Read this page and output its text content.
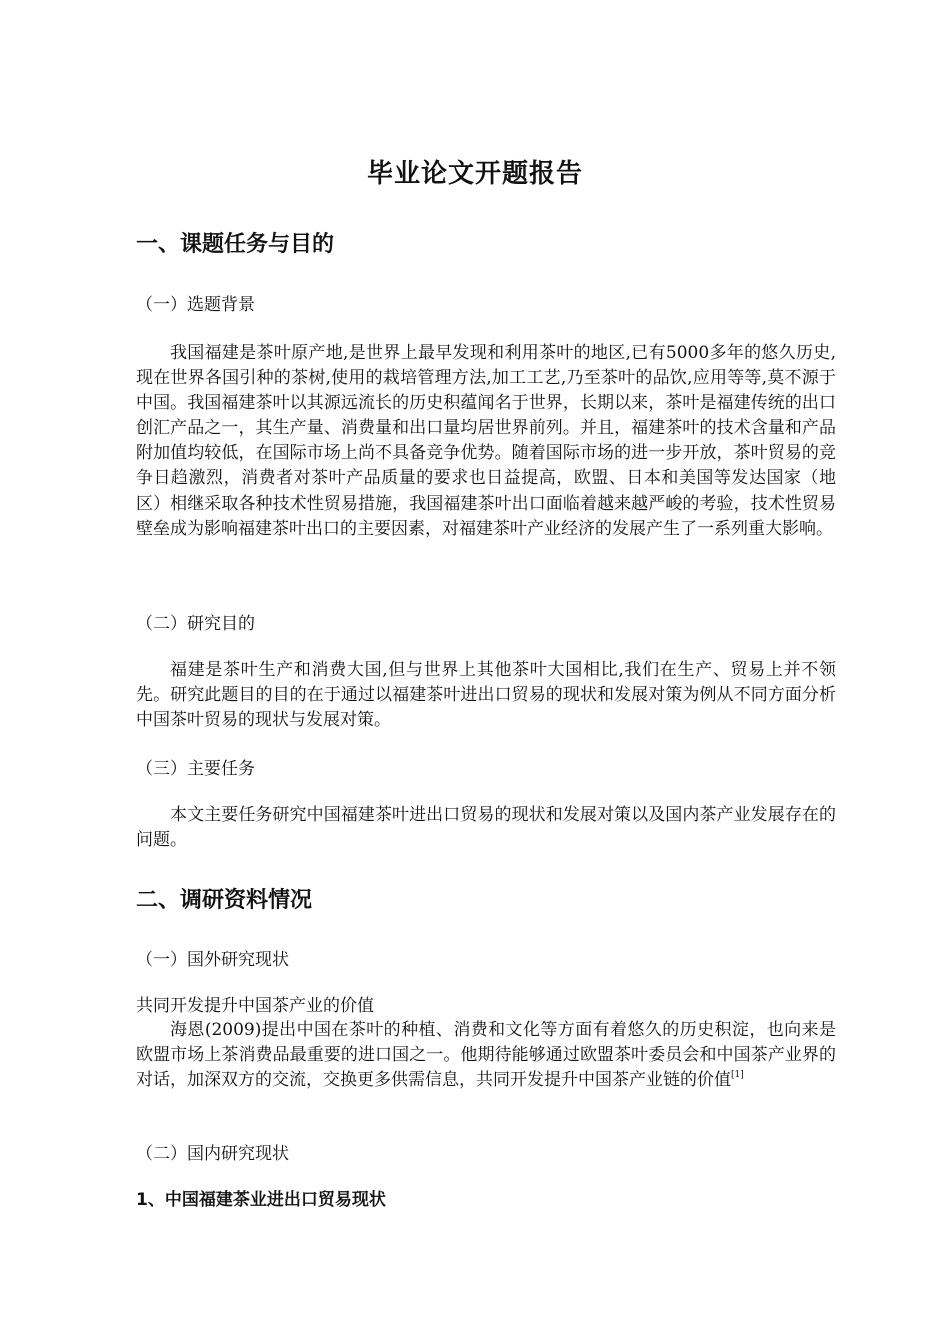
毕业论文开题报告
一、课题任务与目的
（一）选题背景

我国福建是茶叶原产地,是世界上最早发现和利用茶叶的地区,已有5000多年的悠久历史,现在世界各国引种的茶树,使用的栽培管理方法,加工工艺,乃至茶叶的品饮,应用等等,莫不源于中国。我国福建茶叶以其源远流长的历史积蕴闻名于世界，长期以来，茶叶是福建传统的出口创汇产品之一，其生产量、消费量和出口量均居世界前列。并且，福建茶叶的技术含量和产品附加值均较低，在国际市场上尚不具备竞争优势。随着国际市场的进一步开放，茶叶贸易的竞争日趋激烈，消费者对茶叶产品质量的要求也日益提高，欧盟、日本和美国等发达国家（地区）相继采取各种技术性贸易措施，我国福建茶叶出口面临着越来越严峻的考验，技术性贸易壁垒成为影响福建茶叶出口的主要因素，对福建茶叶产业经济的发展产生了一系列重大影响。

（二）研究目的

福建是茶叶生产和消费大国,但与世界上其他茶叶大国相比,我们在生产、贸易上并不领先。研究此题目的目的在于通过以福建茶叶进出口贸易的现状和发展对策为例从不同方面分析中国茶叶贸易的现状与发展对策。

（三）主要任务

本文主要任务研究中国福建茶叶进出口贸易的现状和发展对策以及国内茶产业发展存在的问题。

二、调研资料情况
（一）国外研究现状
共同开发提升中国茶产业的价值

海恩(2009)提出中国在茶叶的种植、消费和文化等方面有着悠久的历史积淀，也向来是欧盟市场上茶消费品最重要的进口国之一。他期待能够通过欧盟茶叶委员会和中国茶产业界的对话，加深双方的交流，交换更多供需信息，共同开发提升中国茶产业链的价值[1]

（二）国内研究现状
1、中国福建茶业进出口贸易现状
